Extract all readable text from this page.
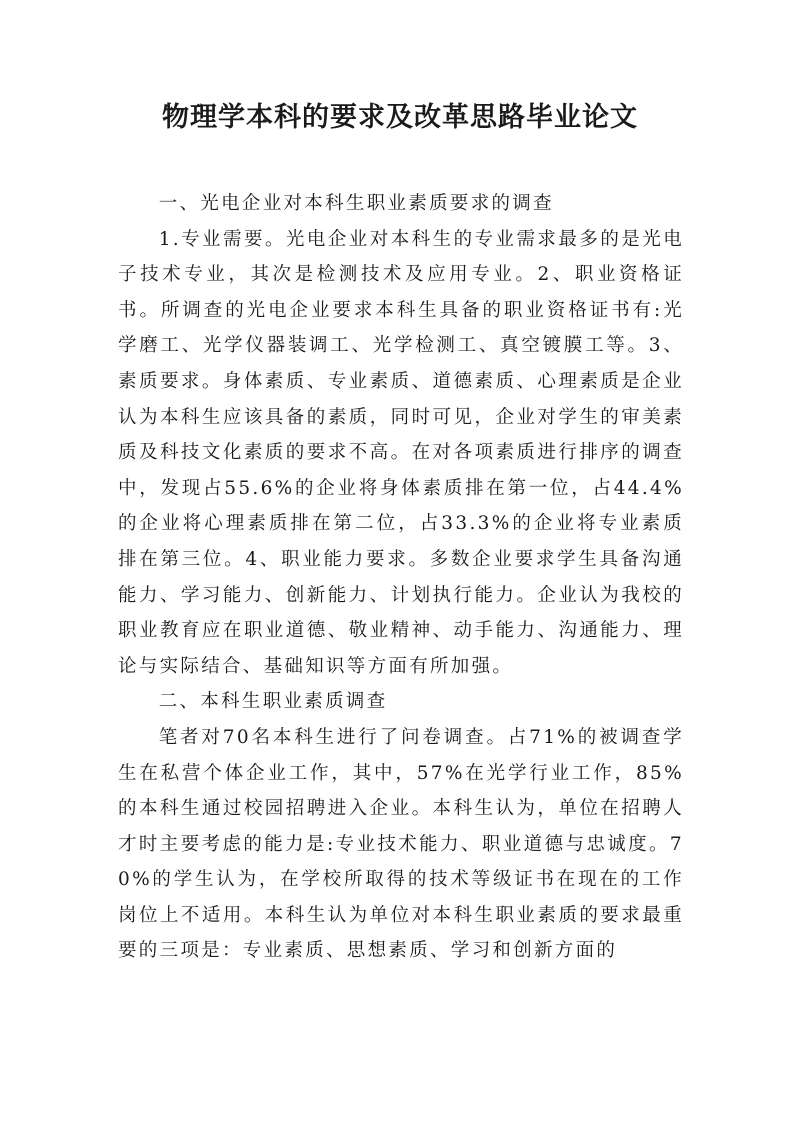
物理学本科的要求及改革思路毕业论文

一、光电企业对本科生职业素质要求的调查

1.专业需要。光电企业对本科生的专业需求最多的是光电子技术专业，其次是检测技术及应用专业。2、职业资格证书。所调查的光电企业要求本科生具备的职业资格证书有:光学磨工、光学仪器装调工、光学检测工、真空镀膜工等。3、素质要求。身体素质、专业素质、道德素质、心理素质是企业认为本科生应该具备的素质，同时可见，企业对学生的审美素质及科技文化素质的要求不高。在对各项素质进行排序的调查中，发现占55.6%的企业将身体素质排在第一位，占44.4%的企业将心理素质排在第二位，占33.3%的企业将专业素质排在第三位。4、职业能力要求。多数企业要求学生具备沟通能力、学习能力、创新能力、计划执行能力。企业认为我校的职业教育应在职业道德、敬业精神、动手能力、沟通能力、理论与实际结合、基础知识等方面有所加强。

二、本科生职业素质调查

笔者对70名本科生进行了问卷调查。占71%的被调查学生在私营个体企业工作，其中，57%在光学行业工作，85%的本科生通过校园招聘进入企业。本科生认为，单位在招聘人才时主要考虑的能力是:专业技术能力、职业道德与忠诚度。70%的学生认为，在学校所取得的技术等级证书在现在的工作岗位上不适用。本科生认为单位对本科生职业素质的要求最重要的三项是：专业素质、思想素质、学习和创新方面的
